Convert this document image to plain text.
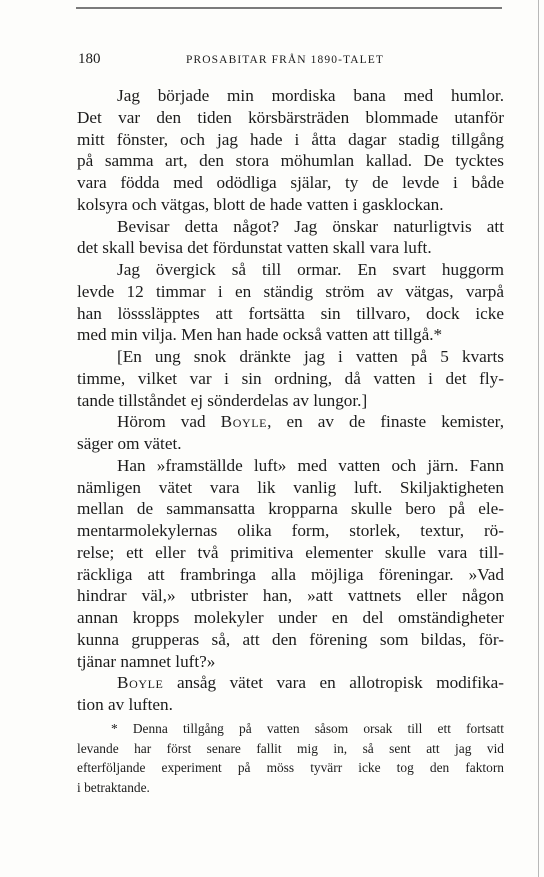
180	PROSABITAR FRÅN 1890-TALET

Jag började min mordiska bana med humlor.
Det var den tiden körsbärsträden blommade utanför
mitt fönster, och jag hade i åtta dagar stadig tillgång
på samma art, den stora möhumlan kallad. De tycktes
vara födda med odödliga själar, ty de levde i både
kolsyra och vätgas, blott de hade vatten i gasklockan.

Bevisar detta något? Jag önskar naturligtvis att
det skall bevisa det fördunstat vatten skall vara luft.

Jag övergick så till ormar. En svart huggorm
levde 12 timmar i en ständig ström av vätgas, varpå
han lösssläpptes att fortsätta sin tillvaro, dock icke
med min vilja. Men han hade också vatten att tillgå.*

[En ung snok dränkte jag i vatten på 5 kvarts
timme, vilket var i sin ordning, då vatten i det fly-
tande tillståndet ej sönderdelas av lungor.]

Hörom vad Boyle, en av de finaste kemister,
säger om vätet.

Han »framställde luft» med vatten och järn. Fann
nämligen vätet vara lik vanlig luft. Skiljaktigheten
mellan de sammansatta kropparna skulle bero på ele-
mentarmolekylernas olika form, storlek, textur, rö-
relse; ett eller två primitiva elementer skulle vara till-
räckliga att frambringa alla möjliga föreningar. »Vad
hindrar väl,» utbrister han, »att vattnets eller någon
annan kropps molekyler under en del omständigheter
kunna grupperas så, att den förening som bildas, för-
tjänar namnet luft?»

Boyle ansåg vätet vara en allotropisk modifika-
tion av luften.

* Denna tillgång på vatten såsom orsak till ett fortsatt
levande har först senare fallit mig in, så sent att jag vid
efterföljande experiment på möss tyvärr icke tog den faktorn
i betraktande.
